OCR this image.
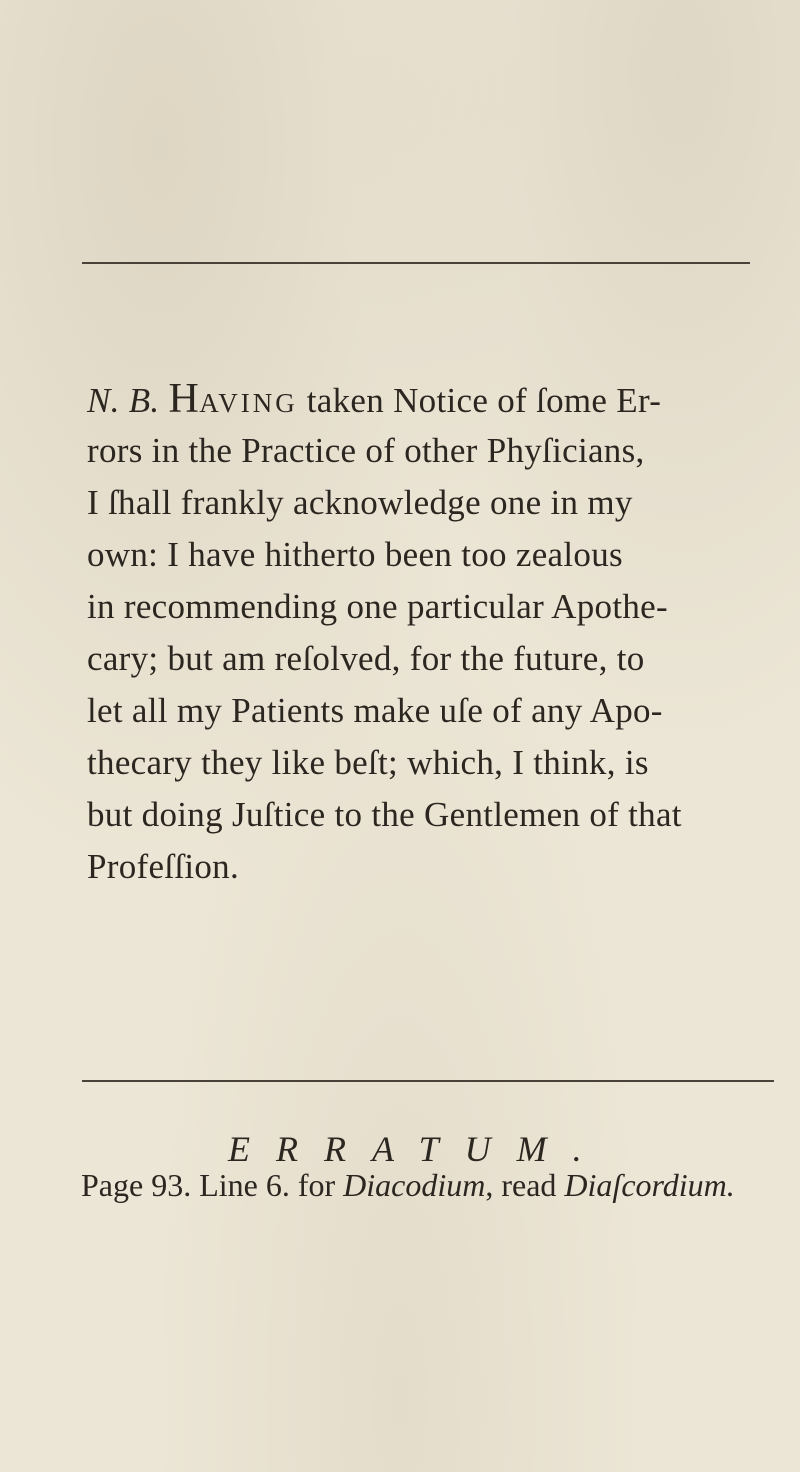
N. B. HAVING taken Notice of ſome Er-
rors in the Practice of other Phyſicians,
I ſhall frankly acknowledge one in my
own: I have hitherto been too zealous
in recommending one particular Apothe-
cary; but am reſolved, for the future, to
let all my Patients make uſe of any Apo-
thecary they like beſt; which, I think, is
but doing Juſtice to the Gentlemen of that
Profeſſion.
ERRATUM.
Page 93. Line 6. for Diacodium, read Diaſcordium.
